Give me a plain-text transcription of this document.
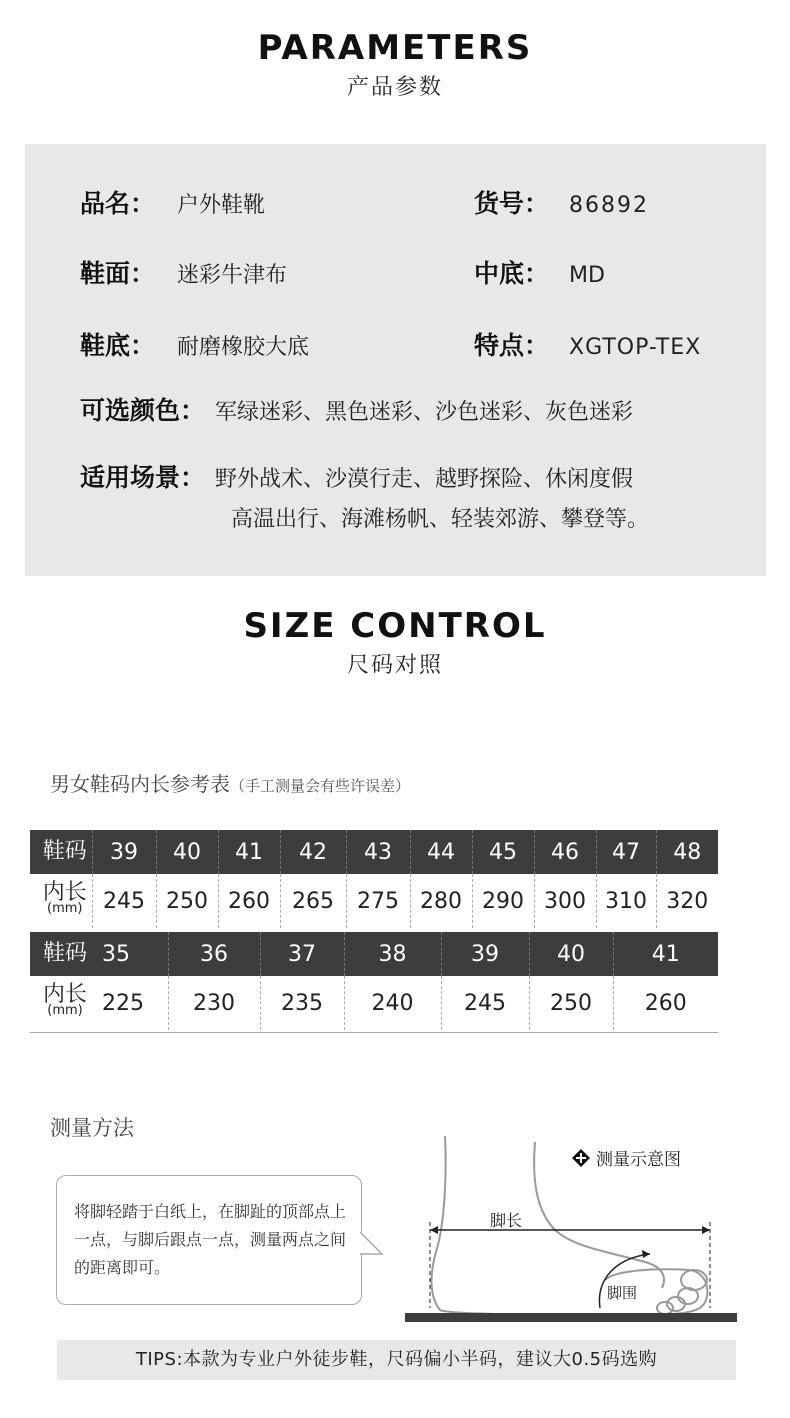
PARAMETERS
产品参数
品名： 户外鞋靴	货号： 86892
鞋面： 迷彩牛津布	中底： MD
鞋底： 耐磨橡胶大底	特点： XGTOP-TEX
可选颜色： 军绿迷彩、黑色迷彩、沙色迷彩、灰色迷彩
适用场景： 野外战术、沙漠行走、越野探险、休闲度假
高温出行、海滩杨帆、轻装郊游、攀登等。
SIZE CONTROL
尺码对照
男女鞋码内长参考表（手工测量会有些许误差）
鞋码	39	40	41	42	43	44	45	46	47	48
内长
(mm)	245	250	260	265	275	280	290	300	310	320
鞋码	35	36	37	38	39	40	41
内长
(mm)	225	230	235	240	245	250	260
测量方法
将脚轻踏于白纸上，在脚趾的顶部点上一点，与脚后跟点一点，测量两点之间的距离即可。
测量示意图
脚长
脚围
TIPS:本款为专业户外徒步鞋，尺码偏小半码，建议大0.5码选购
